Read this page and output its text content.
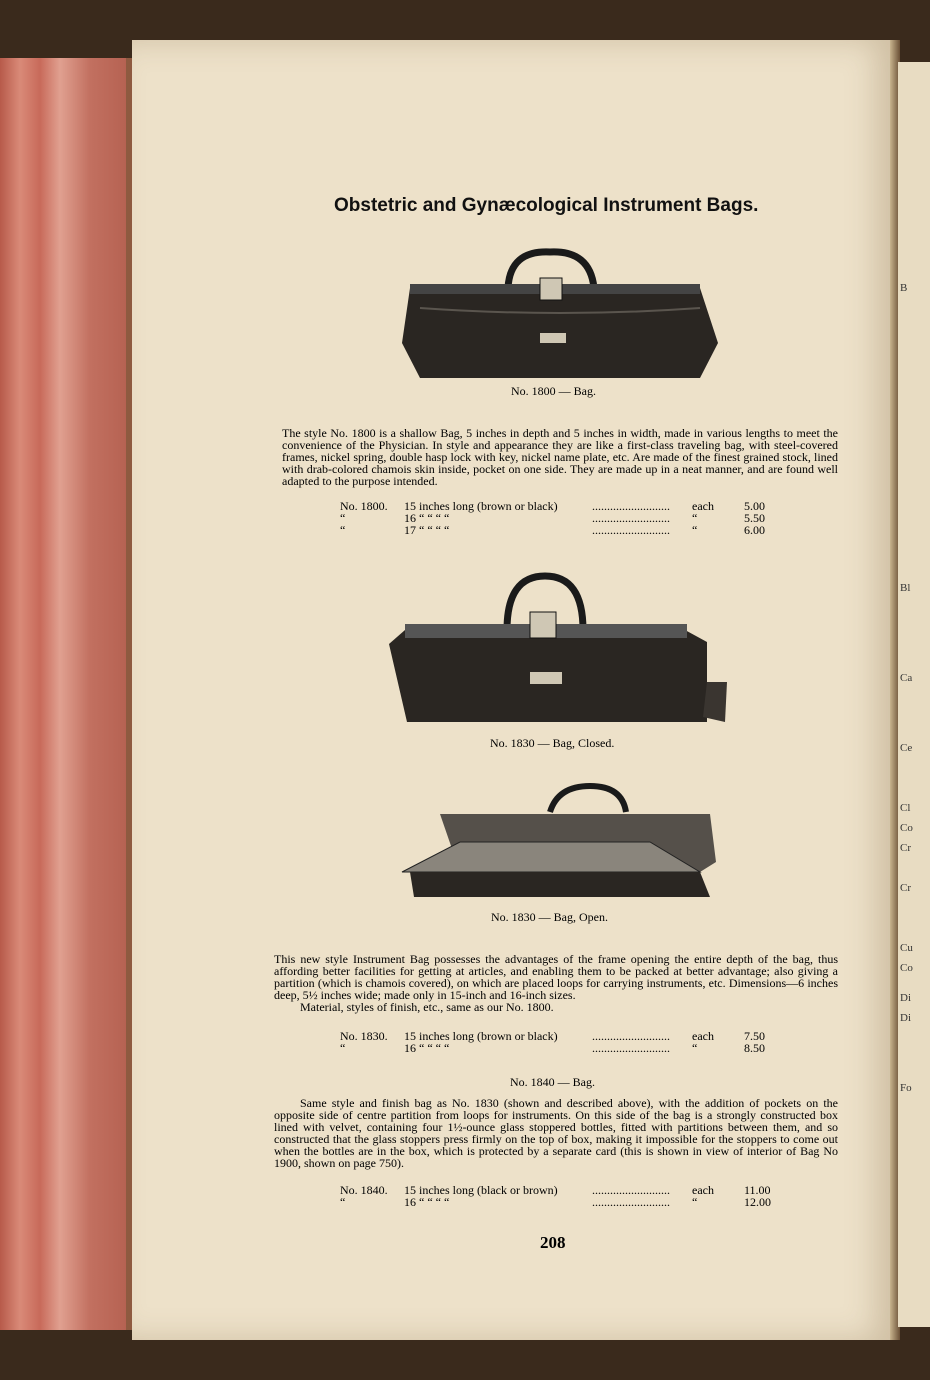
B
Bl
Ca
Ce
Cl
Co
Cr
Cr
Cu
Co
Di
Di
Fo
Obstetric and Gynæcological Instrument Bags.
No. 1800 — Bag.

The style No. 1800 is a shallow Bag, 5 inches in depth and 5 inches in width, made in various lengths to meet the convenience of the Physician. In style and appearance they are like a first-class traveling bag, with steel-covered frames, nickel spring, double hasp lock with key, nickel name plate, etc. Are made of the finest grained stock, lined with drab-colored chamois skin inside, pocket on one side. They are made up in a neat manner, and are found well adapted to the purpose intended.

No. 1800. 15 inches long (brown or black)	.......................... each	5.00
“	16 “ “ “ “	.......................... “	5.50
“	17 “ “ “ “	.......................... “	6.00
No. 1830 — Bag, Closed.
No. 1830 — Bag, Open.

This new style Instrument Bag possesses the advantages of the frame opening the entire depth of the bag, thus affording better facilities for getting at articles, and enabling them to be packed at better advantage; also giving a partition (which is chamois covered), on which are placed loops for carrying instruments, etc. Dimensions—6 inches deep, 5½ inches wide; made only in 15-inch and 16-inch sizes.

Material, styles of finish, etc., same as our No. 1800.

No. 1830. 15 inches long (brown or black)	.......................... each	7.50
“	16 “ “ “ “	.......................... “	8.50
No. 1840 — Bag.

Same style and finish bag as No. 1830 (shown and described above), with the addition of pockets on the opposite side of centre partition from loops for instruments. On this side of the bag is a strongly constructed box lined with velvet, containing four 1½-ounce glass stoppered bottles, fitted with partitions between them, and so constructed that the glass stoppers press firmly on the top of box, making it impossible for the stoppers to come out when the bottles are in the box, which is protected by a separate card (this is shown in view of interior of Bag No 1900, shown on page 750).

No. 1840. 15 inches long (black or brown)	.......................... each	11.00
“	16 “ “ “ “	.......................... “	12.00
208
